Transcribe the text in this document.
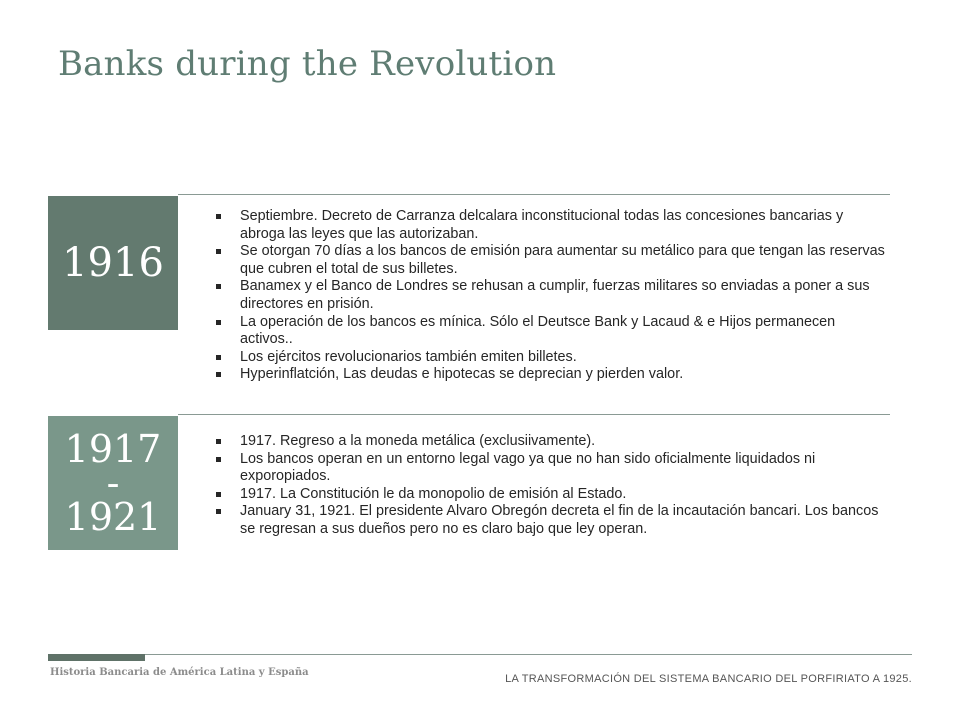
Banks during the Revolution
1916
Septiembre. Decreto de Carranza delcalara inconstitucional todas las concesiones bancarias y abroga las leyes que las autorizaban.
Se otorgan 70 días a los bancos de emisión para aumentar su metálico para que tengan las reservas que cubren el total de sus billetes.
Banamex y el Banco de Londres se rehusan a cumplir, fuerzas militares so enviadas a poner a sus directores en prisión.
La operación de los bancos es mínica. Sólo el Deutsce Bank y Lacaud & e Hijos permanecen activos..
Los ejércitos revolucionarios también emiten billetes.
Hyperinflatción, Las deudas e hipotecas se deprecian y pierden valor.
1917
-
1921
1917. Regreso a la moneda metálica (exclusiivamente).
Los bancos operan en un entorno legal vago ya que no han sido oficialmente liquidados ni exporopiados.
1917. La Constitución le da monopolio de emisión al Estado.
January 31, 1921. El presidente Alvaro Obregón decreta el fin de la incautación bancari. Los bancos se regresan a sus dueños pero no es claro bajo que ley operan.
Historia Bancaria de América Latina y España
LA TRANSFORMACIÓN DEL SISTEMA BANCARIO DEL PORFIRIATO A 1925.
